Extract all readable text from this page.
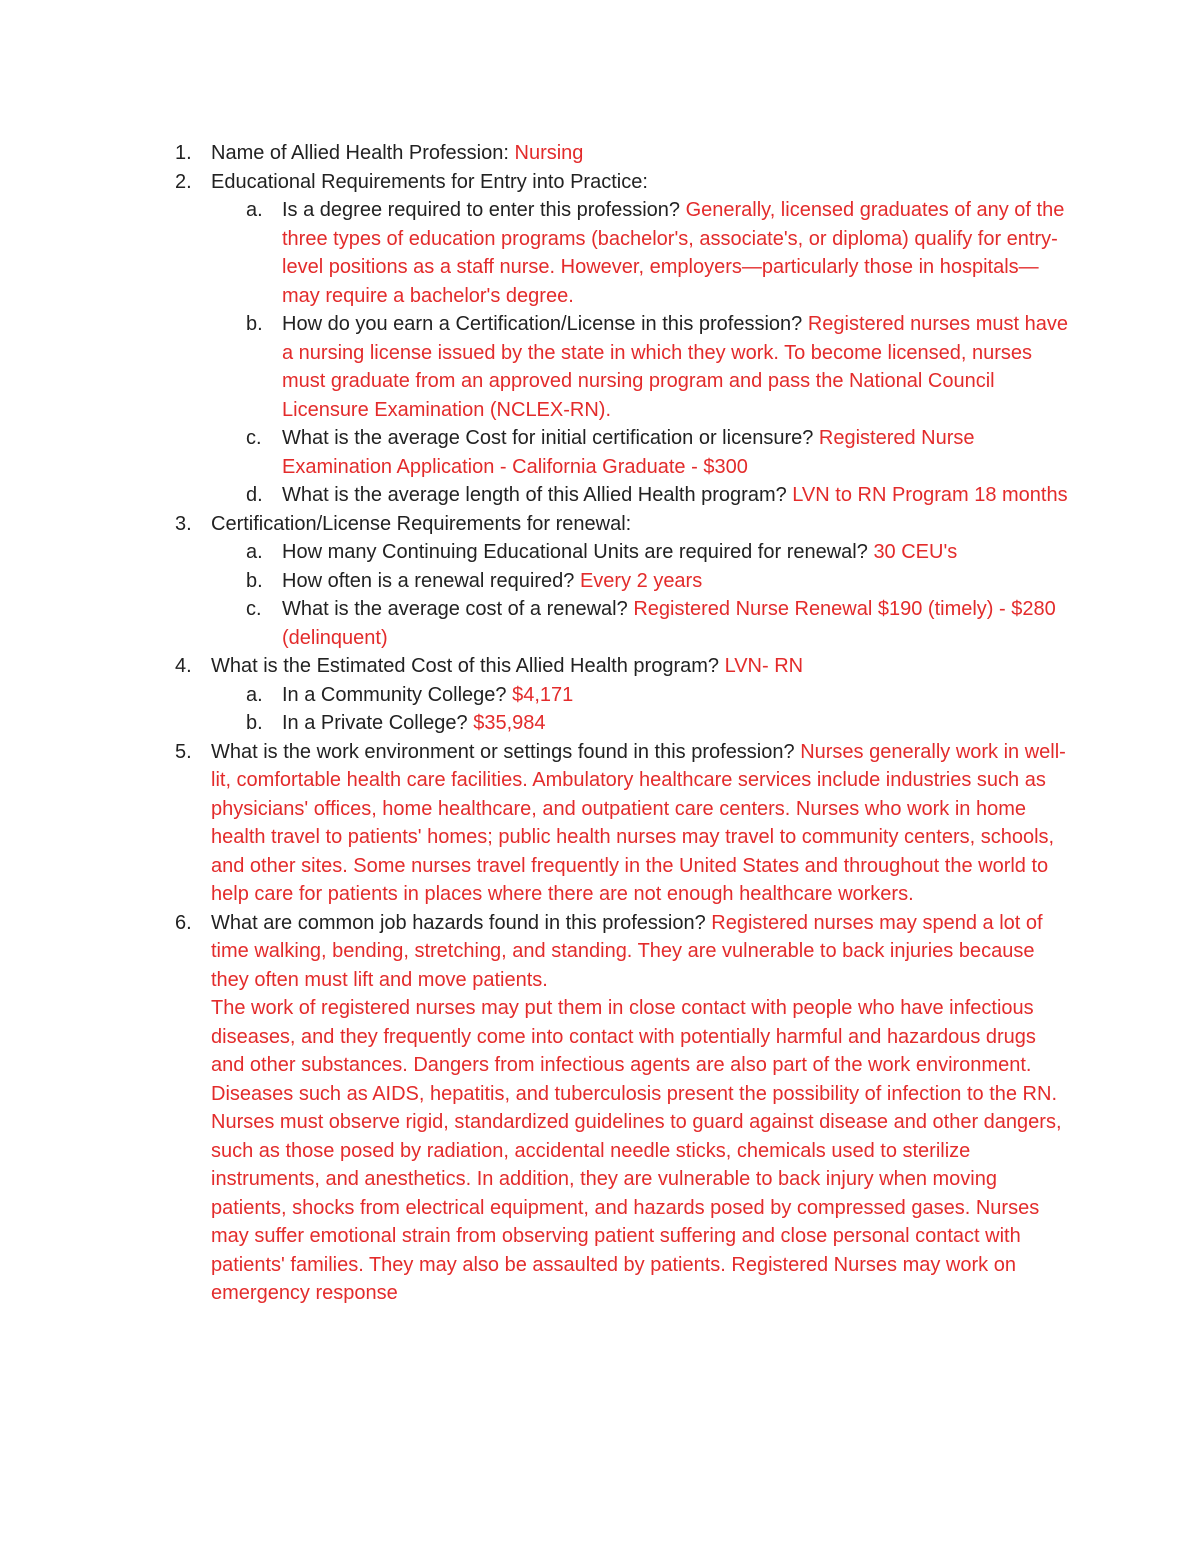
1. Name of Allied Health Profession: Nursing
2. Educational Requirements for Entry into Practice:
a. Is a degree required to enter this profession? Generally, licensed graduates of any of the three types of education programs (bachelor's, associate's, or diploma) qualify for entry-level positions as a staff nurse. However, employers—particularly those in hospitals—may require a bachelor's degree.
b. How do you earn a Certification/License in this profession? Registered nurses must have a nursing license issued by the state in which they work. To become licensed, nurses must graduate from an approved nursing program and pass the National Council Licensure Examination (NCLEX-RN).
c. What is the average Cost for initial certification or licensure? Registered Nurse Examination Application - California Graduate - $300
d. What is the average length of this Allied Health program? LVN to RN Program 18 months
3. Certification/License Requirements for renewal:
a. How many Continuing Educational Units are required for renewal? 30 CEU's
b. How often is a renewal required? Every 2 years
c. What is the average cost of a renewal? Registered Nurse Renewal $190 (timely) - $280 (delinquent)
4. What is the Estimated Cost of this Allied Health program? LVN- RN
a. In a Community College? $4,171
b. In a Private College? $35,984
5. What is the work environment or settings found in this profession? Nurses generally work in well-lit, comfortable health care facilities. Ambulatory healthcare services include industries such as physicians' offices, home healthcare, and outpatient care centers. Nurses who work in home health travel to patients' homes; public health nurses may travel to community centers, schools, and other sites. Some nurses travel frequently in the United States and throughout the world to help care for patients in places where there are not enough healthcare workers.
6. What are common job hazards found in this profession? Registered nurses may spend a lot of time walking, bending, stretching, and standing. They are vulnerable to back injuries because they often must lift and move patients.
The work of registered nurses may put them in close contact with people who have infectious diseases, and they frequently come into contact with potentially harmful and hazardous drugs and other substances. Dangers from infectious agents are also part of the work environment. Diseases such as AIDS, hepatitis, and tuberculosis present the possibility of infection to the RN. Nurses must observe rigid, standardized guidelines to guard against disease and other dangers, such as those posed by radiation, accidental needle sticks, chemicals used to sterilize instruments, and anesthetics. In addition, they are vulnerable to back injury when moving patients, shocks from electrical equipment, and hazards posed by compressed gases. Nurses may suffer emotional strain from observing patient suffering and close personal contact with patients' families. They may also be assaulted by patients. Registered Nurses may work on emergency response
